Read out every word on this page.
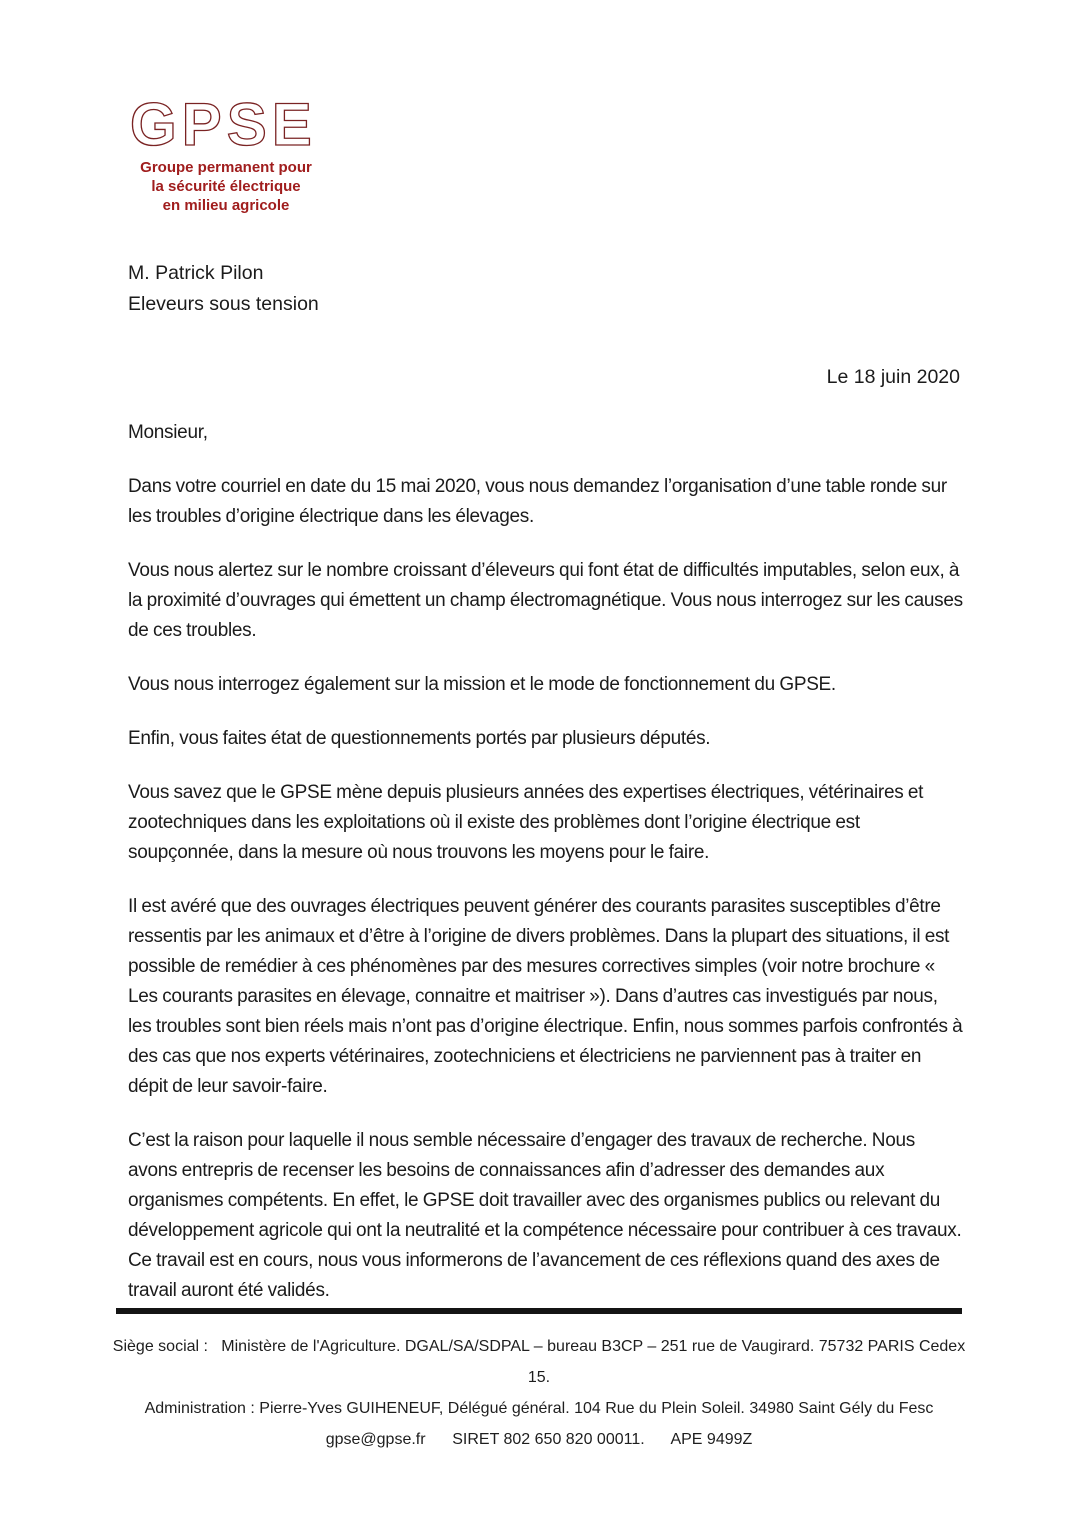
GPSE
Groupe permanent pour
la sécurité électrique
en milieu agricole
M. Patrick Pilon
Eleveurs sous tension
Le 18 juin 2020

Monsieur,

Dans votre courriel en date du 15 mai 2020, vous nous demandez l’organisation d’une table ronde sur les troubles d’origine électrique dans les élevages.

Vous nous alertez sur le nombre croissant d’éleveurs qui font état de difficultés imputables, selon eux, à la proximité d’ouvrages qui émettent un champ électromagnétique. Vous nous interrogez sur les causes de ces troubles.

Vous nous interrogez également sur la mission et le mode de fonctionnement du GPSE.

Enfin, vous faites état de questionnements portés par plusieurs députés.

Vous savez que le GPSE mène depuis plusieurs années des expertises électriques, vétérinaires et zootechniques dans les exploitations où il existe des problèmes dont l’origine électrique est soupçonnée, dans la mesure où nous trouvons les moyens pour le faire.

Il est avéré que des ouvrages électriques peuvent générer des courants parasites susceptibles d’être ressentis par les animaux et d’être à l’origine de divers problèmes. Dans la plupart des situations, il est possible de remédier à ces phénomènes par des mesures correctives simples (voir notre brochure « Les courants parasites en élevage, connaitre et maitriser »). Dans d’autres cas investigués par nous, les troubles sont bien réels mais n’ont pas d’origine électrique. Enfin, nous sommes parfois confrontés à des cas que nos experts vétérinaires, zootechniciens et électriciens ne parviennent pas à traiter en dépit de leur savoir-faire.

C’est la raison pour laquelle il nous semble nécessaire d’engager des travaux de recherche. Nous avons entrepris de recenser les besoins de connaissances afin d’adresser des demandes aux organismes compétents. En effet, le GPSE doit travailler avec des organismes publics ou relevant du développement agricole qui ont la neutralité et la compétence nécessaire pour contribuer à ces travaux. Ce travail est en cours, nous vous informerons de l’avancement de ces réflexions quand des axes de travail auront été validés.

Siège social :   Ministère de l'Agriculture. DGAL/SA/SDPAL – bureau B3CP – 251 rue de Vaugirard. 75732 PARIS Cedex 15.
Administration : Pierre-Yves GUIHENEUF, Délégué général. 104 Rue du Plein Soleil. 34980 Saint Gély du Fesc
gpse@gpse.fr      SIRET 802 650 820 00011.      APE 9499Z
